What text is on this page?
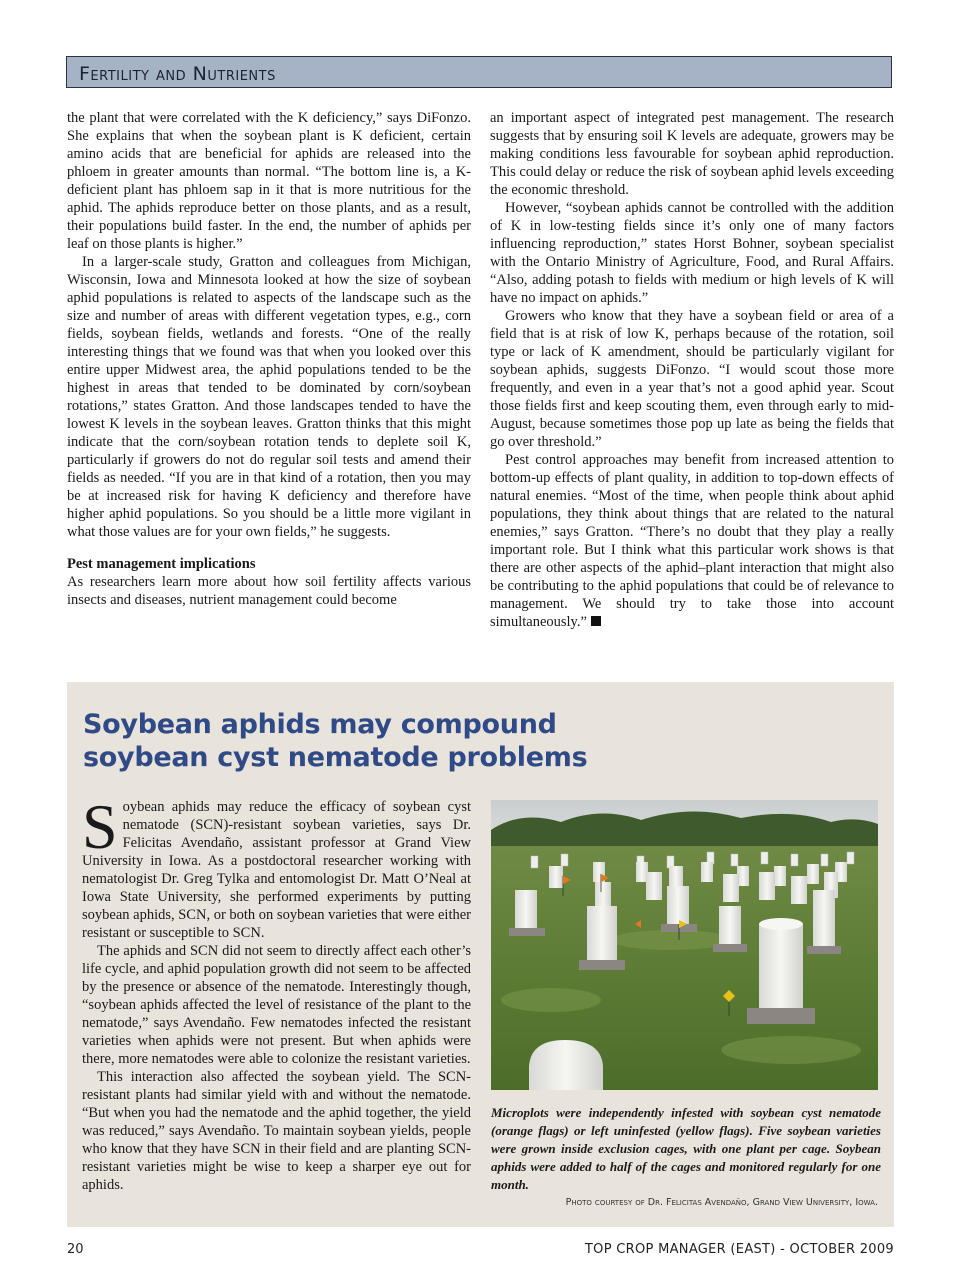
Fertility and Nutrients

the plant that were correlated with the K deficiency,” says DiFonzo. She explains that when the soybean plant is K deficient, certain amino acids that are beneficial for aphids are released into the phloem in greater amounts than normal. “The bottom line is, a K-deficient plant has phloem sap in it that is more nutritious for the aphid. The aphids reproduce better on those plants, and as a result, their populations build faster. In the end, the number of aphids per leaf on those plants is higher.”

In a larger-scale study, Gratton and colleagues from Michigan, Wisconsin, Iowa and Minnesota looked at how the size of soybean aphid populations is related to aspects of the landscape such as the size and number of areas with different vegetation types, e.g., corn fields, soybean fields, wetlands and forests. “One of the really interesting things that we found was that when you looked over this entire upper Midwest area, the aphid populations tended to be the highest in areas that tended to be dominated by corn/soybean rotations,” states Gratton. And those landscapes tended to have the lowest K levels in the soybean leaves. Gratton thinks that this might indicate that the corn/soybean rotation tends to deplete soil K, particularly if growers do not do regular soil tests and amend their fields as needed. “If you are in that kind of a rotation, then you may be at increased risk for having K deficiency and therefore have higher aphid populations. So you should be a little more vigilant in what those values are for your own fields,” he suggests.

Pest management implications

As researchers learn more about how soil fertility affects various insects and diseases, nutrient management could become

an important aspect of integrated pest management. The research suggests that by ensuring soil K levels are adequate, growers may be making conditions less favourable for soybean aphid reproduction. This could delay or reduce the risk of soybean aphid levels exceeding the economic threshold.

However, “soybean aphids cannot be controlled with the addition of K in low-testing fields since it’s only one of many factors influencing reproduction,” states Horst Bohner, soybean specialist with the Ontario Ministry of Agriculture, Food, and Rural Affairs. “Also, adding potash to fields with medium or high levels of K will have no impact on aphids.”

Growers who know that they have a soybean field or area of a field that is at risk of low K, perhaps because of the rotation, soil type or lack of K amendment, should be particularly vigilant for soybean aphids, suggests DiFonzo. “I would scout those more frequently, and even in a year that’s not a good aphid year. Scout those fields first and keep scouting them, even through early to mid-August, because sometimes those pop up late as being the fields that go over threshold.”

Pest control approaches may benefit from increased attention to bottom-up effects of plant quality, in addition to top-down effects of natural enemies. “Most of the time, when people think about aphid populations, they think about things that are related to the natural enemies,” says Gratton. “There’s no doubt that they play a really important role. But I think what this particular work shows is that there are other aspects of the aphid–plant interaction that might also be contributing to the aphid populations that could be of relevance to management. We should try to take those into account simultaneously.”

Soybean aphids may compound soybean cyst nematode problems

Soybean aphids may reduce the efficacy of soybean cyst nematode (SCN)-resistant soybean varieties, says Dr. Felicitas Avendaño, assistant professor at Grand View University in Iowa. As a postdoctoral researcher working with nematologist Dr. Greg Tylka and entomologist Dr. Matt O’Neal at Iowa State University, she performed experiments by putting soybean aphids, SCN, or both on soybean varieties that were either resistant or susceptible to SCN.

The aphids and SCN did not seem to directly affect each other’s life cycle, and aphid population growth did not seem to be affected by the presence or absence of the nematode. Interestingly though, “soybean aphids affected the level of resistance of the plant to the nematode,” says Avendaño. Few nematodes infected the resistant varieties when aphids were not present. But when aphids were there, more nematodes were able to colonize the resistant varieties.

This interaction also affected the soybean yield. The SCN-resistant plants had similar yield with and without the nematode. “But when you had the nematode and the aphid together, the yield was reduced,” says Avendaño. To maintain soybean yields, people who know that they have SCN in their field and are planting SCN-resistant varieties might be wise to keep a sharper eye out for aphids.

Microplots were independently infested with soybean cyst nematode (orange flags) or left uninfested (yellow flags). Five soybean varieties were grown inside exclusion cages, with one plant per cage. Soybean aphids were added to half of the cages and monitored regularly for one month.
Photo courtesy of Dr. Felicitas Avendaño, Grand View University, Iowa.
20	TOP CROP MANAGER (EAST) - OCTOBER 2009
